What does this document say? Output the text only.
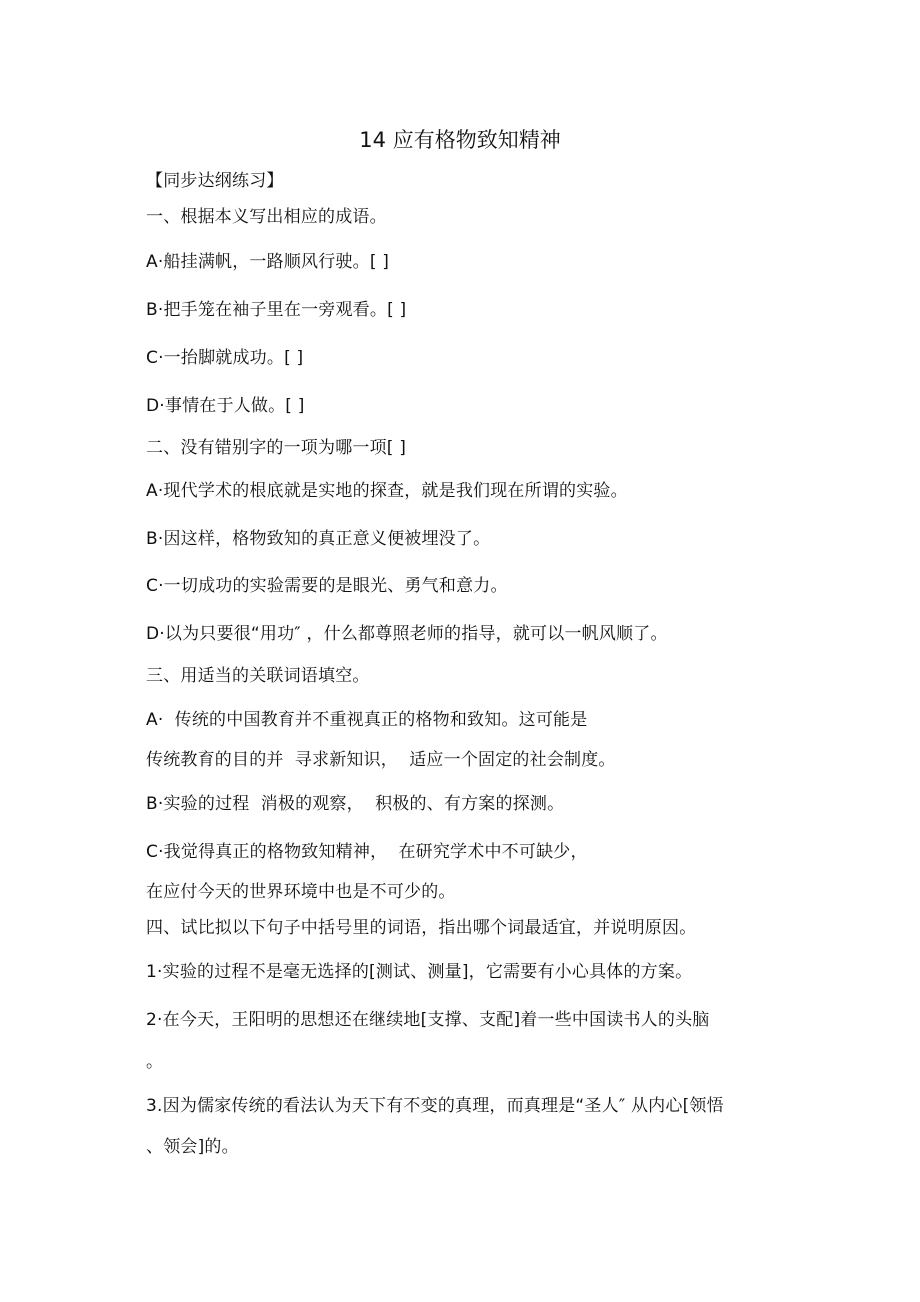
14 应有格物致知精神
【同步达纲练习】
一、根据本义写出相应的成语。
A·船挂满帆，一路顺风行驶。[ ]
B·把手笼在袖子里在一旁观看。[ ]
C·一抬脚就成功。[ ]
D·事情在于人做。[ ]
二、没有错别字的一项为哪一项[ ]
A·现代学术的根底就是实地的探查，就是我们现在所谓的实验。
B·因这样，格物致知的真正意义便被埋没了。
C·一切成功的实验需要的是眼光、勇气和意力。
D·以为只要很“用功″ ，什么都尊照老师的指导，就可以一帆风顺了。
三、用适当的关联词语填空。
A·  传统的中国教育并不重视真正的格物和致知。这可能是
传统教育的目的并  寻求新知识，  适应一个固定的社会制度。
B·实验的过程  消极的观察，  积极的、有方案的探测。
C·我觉得真正的格物致知精神，  在研究学术中不可缺少，
在应付今天的世界环境中也是不可少的。
四、试比拟以下句子中括号里的词语，指出哪个词最适宜，并说明原因。
1·实验的过程不是毫无选择的[测试、测量]，它需要有小心具体的方案。
2·在今天，王阳明的思想还在继续地[支撑、支配]着一些中国读书人的头脑
。
3.因为儒家传统的看法认为天下有不变的真理，而真理是“圣人″ 从内心[领悟
、领会]的。
